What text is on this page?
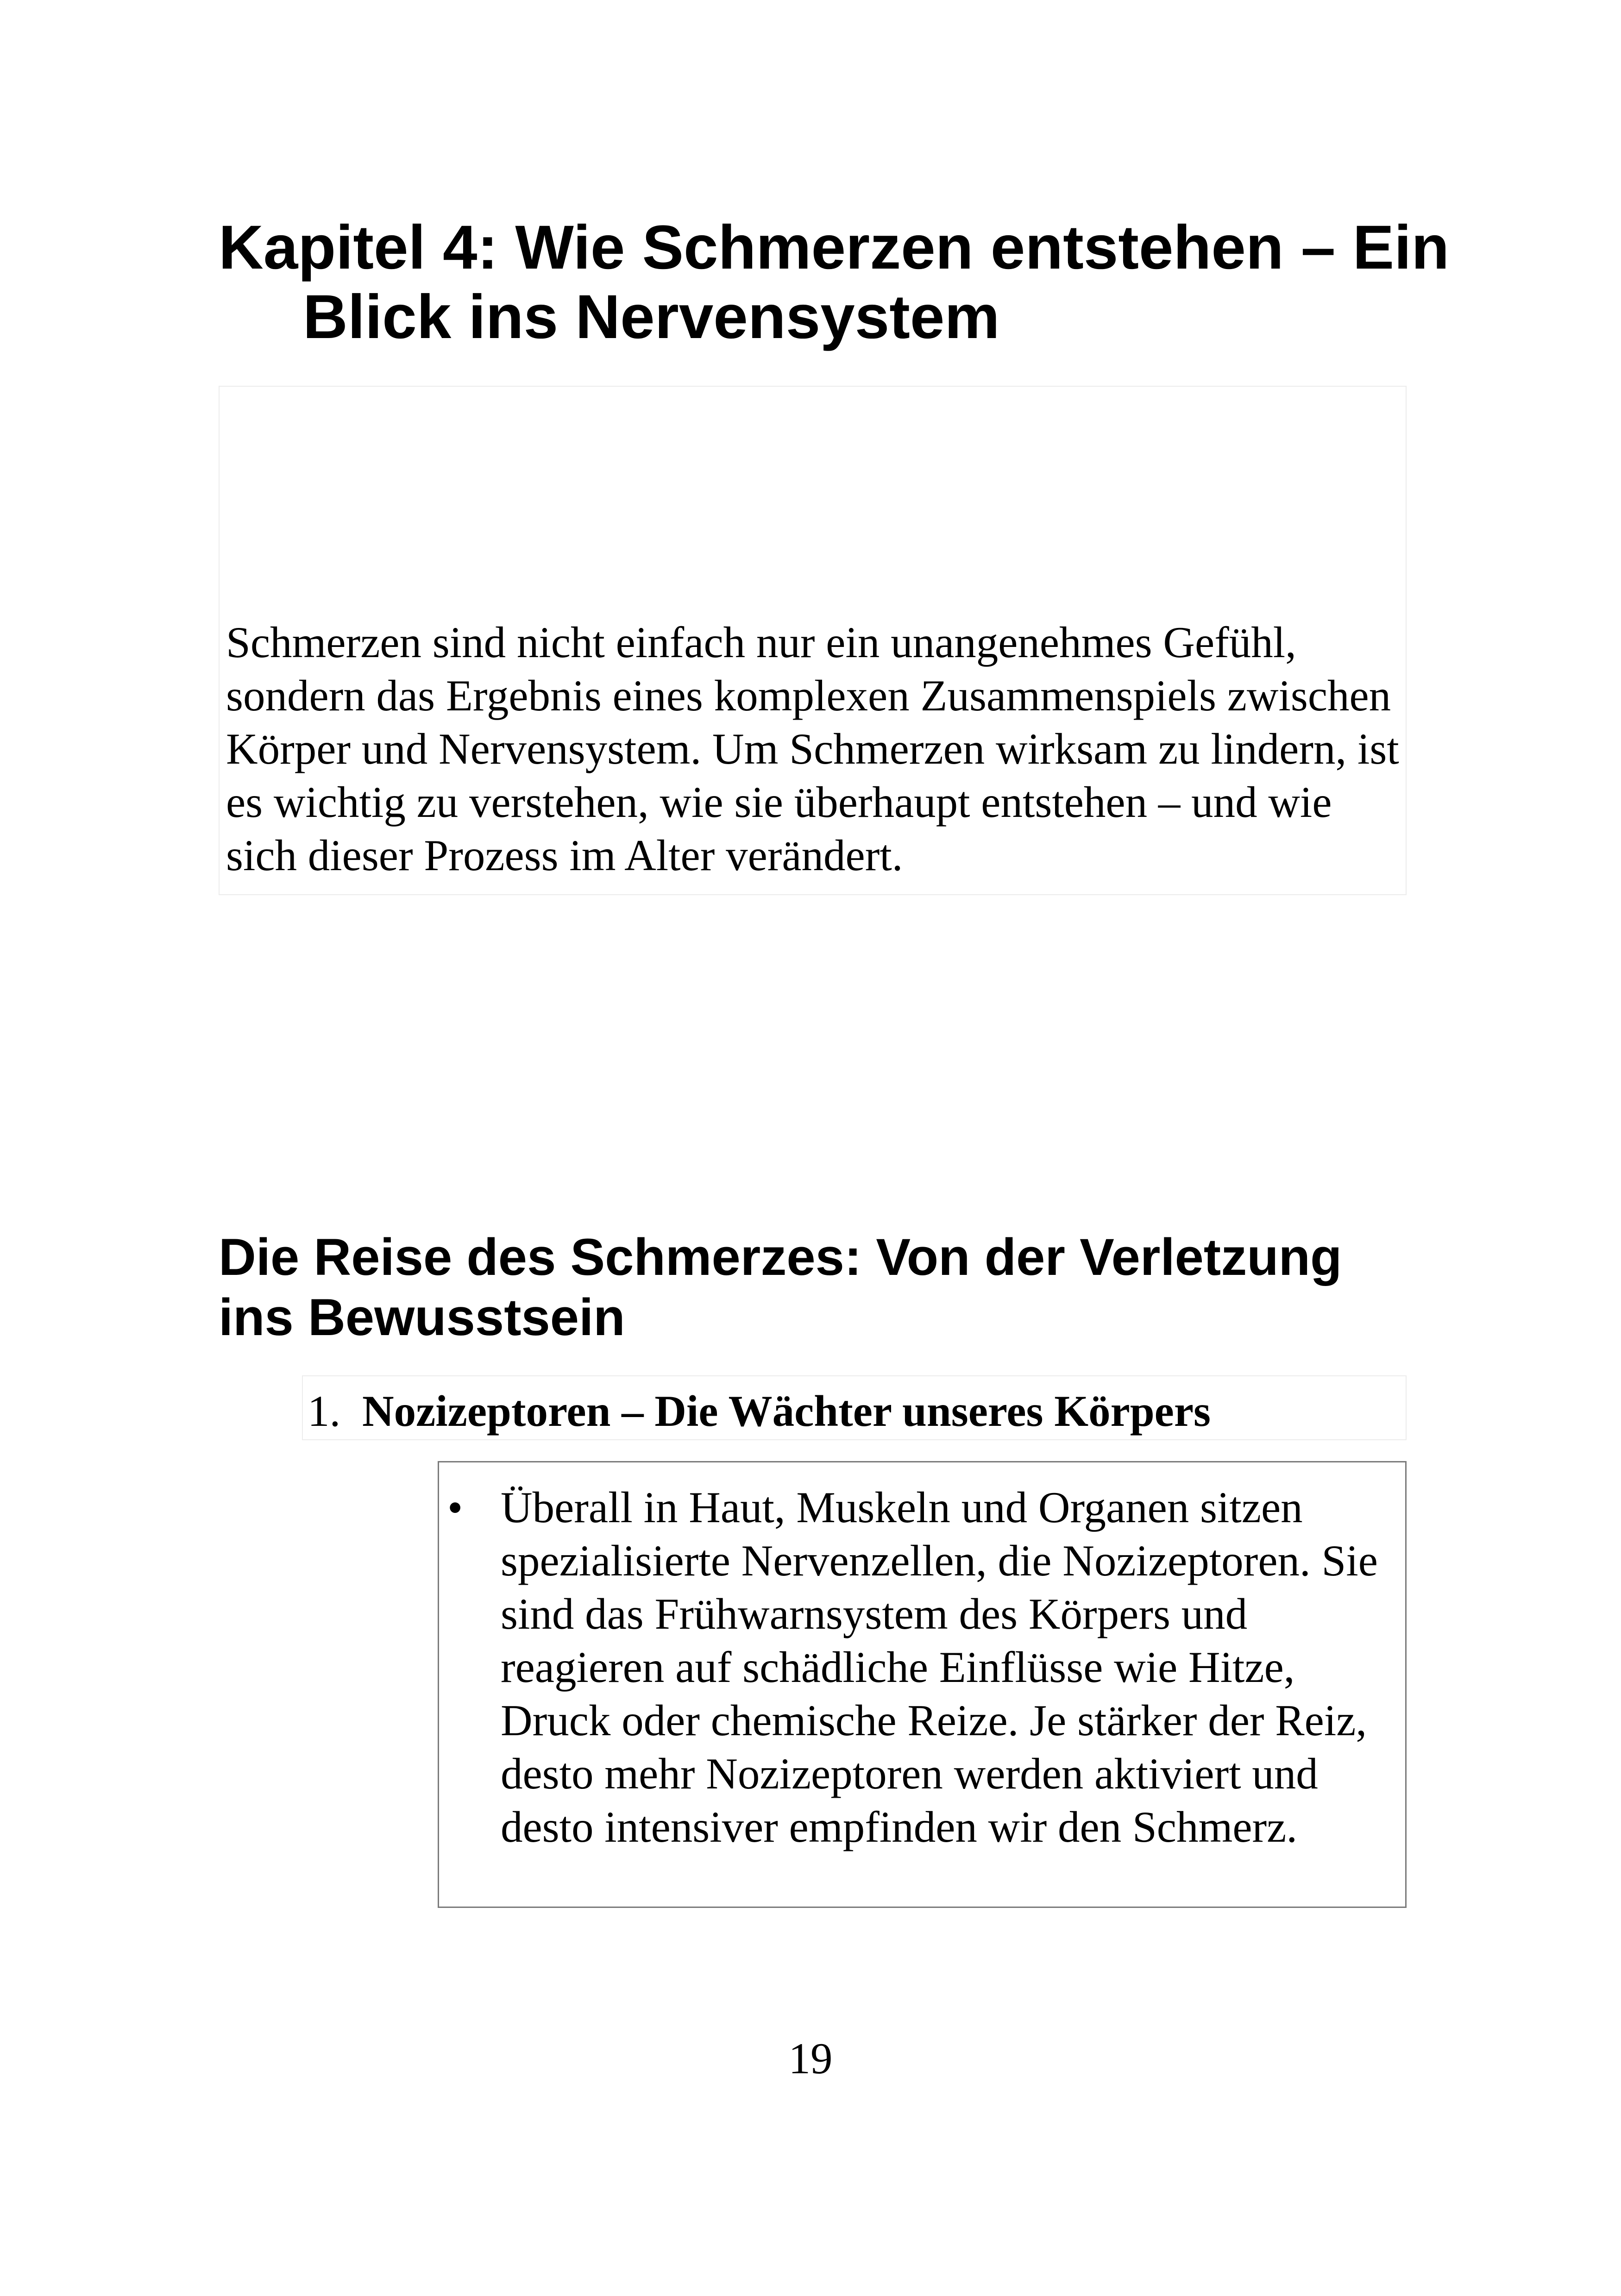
Kapitel 4: Wie Schmerzen entstehen – Ein Blick ins Nervensystem

Schmerzen sind nicht einfach nur ein unangenehmes Gefühl, sondern das Ergebnis eines komplexen Zusammenspiels zwischen Körper und Nervensystem. Um Schmerzen wirksam zu lindern, ist es wichtig zu verstehen, wie sie überhaupt entstehen – und wie sich dieser Prozess im Alter verändert.

Die Reise des Schmerzes: Von der Verletzung ins Bewusstsein
1. Nozizeptoren – Die Wächter unseres Körpers
• Überall in Haut, Muskeln und Organen sitzen spezialisierte Nervenzellen, die Nozizeptoren. Sie sind das Frühwarnsystem des Körpers und reagieren auf schädliche Einflüsse wie Hitze, Druck oder chemische Reize. Je stärker der Reiz, desto mehr Nozizeptoren werden aktiviert und desto intensiver empfinden wir den Schmerz.

19
